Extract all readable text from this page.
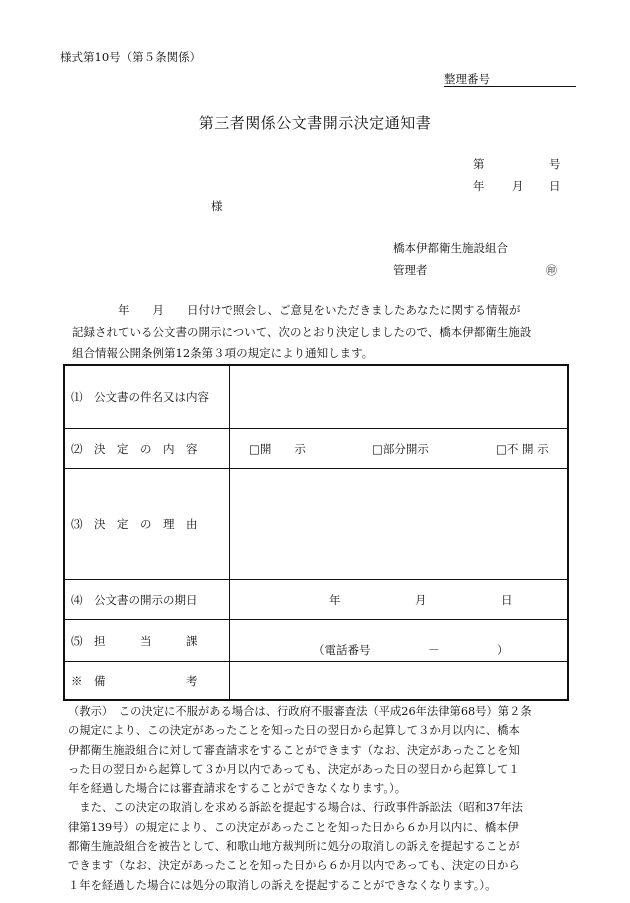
様式第10号（第５条関係）
整理番号
第三者関係公文書開示決定通知書
第	号
年 月 日
様
橋本伊都衛生施設組合
管理者	㊞
　　　　年　　月　　日付けで照会し、ご意見をいただきましたあなたに関する情報が
記録されている公文書の開示について、次のとおり決定しましたので、橋本伊都衛生施設
組合情報公開条例第12条第３項の規定により通知します。
⑴　公文書の件名又は内容
⑵　決　定　の　内　容	□開　　示	□部分開示	□不 開 示
⑶　決　定　の　理　由
⑷　公文書の開示の期日	年	月	日
⑸　担　　　当　　　課
（電話番号　　　　　－　　　　　）
※　備　　　　　　　考
（教示）　この決定に不服がある場合は、行政府不服審査法（平成26年法律第68号）第２条
の規定により、この決定があったことを知った日の翌日から起算して３か月以内に、橋本
伊都衛生施設組合に対して審査請求をすることができます（なお、決定があったことを知
った日の翌日から起算して３か月以内であっても、決定があった日の翌日から起算して１
年を経過した場合には審査請求をすることができなくなります。）。
　また、この決定の取消しを求める訴訟を提起する場合は、行政事件訴訟法（昭和37年法
律第139号）の規定により、この決定があったことを知った日から６か月以内に、橋本伊
都衛生施設組合を被告として、和歌山地方裁判所に処分の取消しの訴えを提起することが
できます（なお、決定があったことを知った日から６か月以内であっても、決定の日から
１年を経過した場合には処分の取消しの訴えを提起することができなくなります。）。
